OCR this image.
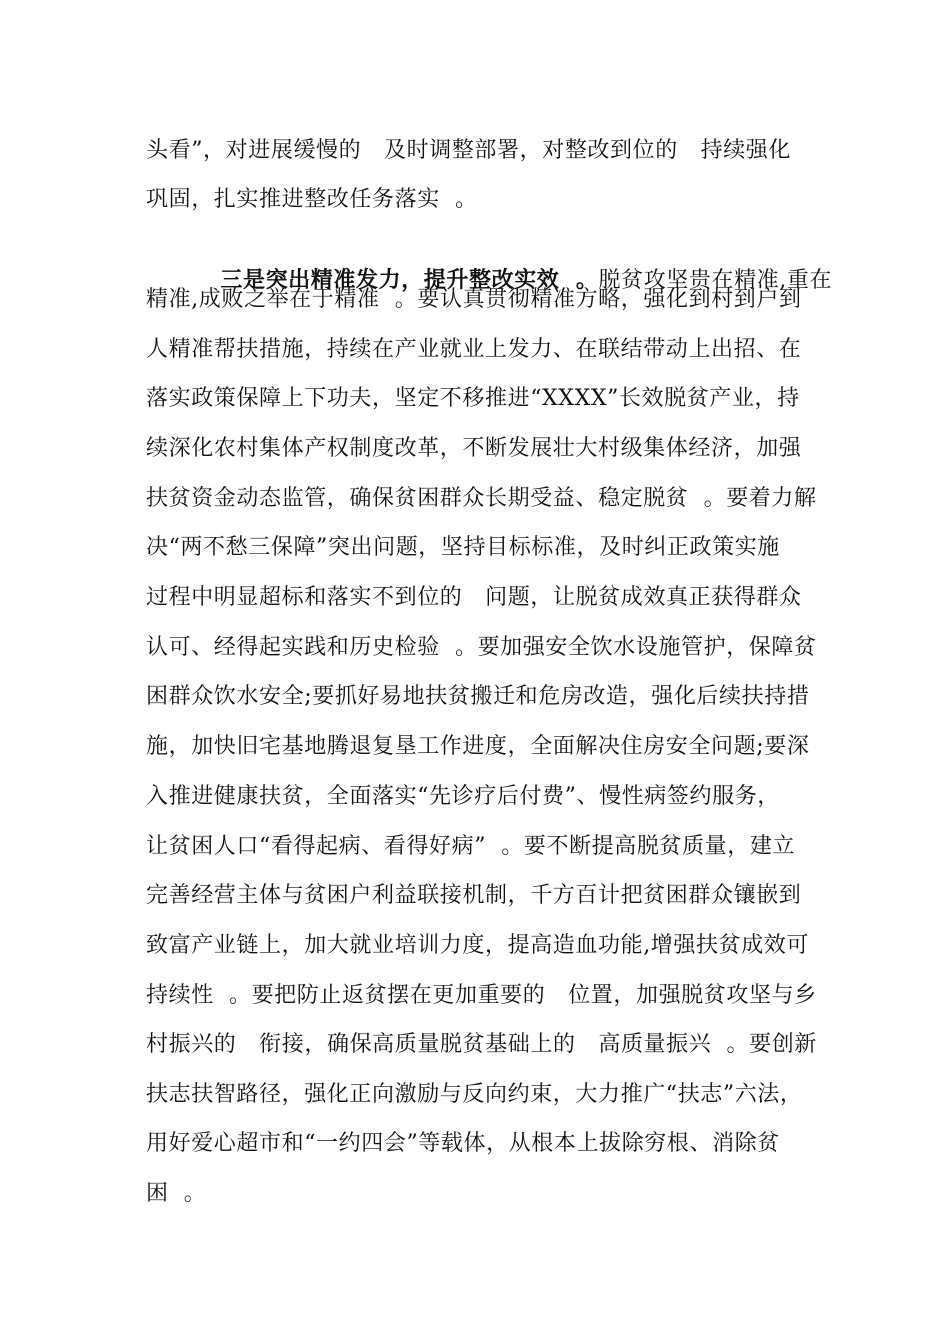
头看”，对进展缓慢的   及时调整部署，对整改到位的   持续强化
巩固，扎实推进整改任务落实  。

三是突出精准发力，提升整改实效  。脱贫攻坚贵在精准,重在

精准,成败之举在于精准  。要认真贯彻精准方略，强化到村到户到
人精准帮扶措施，持续在产业就业上发力、在联结带动上出招、在
落实政策保障上下功夫，坚定不移推进“XXXX”长效脱贫产业，持
续深化农村集体产权制度改革，不断发展壮大村级集体经济，加强
扶贫资金动态监管，确保贫困群众长期受益、稳定脱贫  。要着力解
决“两不愁三保障”突出问题，坚持目标标准，及时纠正政策实施
过程中明显超标和落实不到位的   问题，让脱贫成效真正获得群众
认可、经得起实践和历史检验  。要加强安全饮水设施管护，保障贫
困群众饮水安全;要抓好易地扶贫搬迁和危房改造，强化后续扶持措
施，加快旧宅基地腾退复垦工作进度，全面解决住房安全问题;要深
入推进健康扶贫，全面落实“先诊疗后付费”、慢性病签约服务，
让贫困人口“看得起病、看得好病”  。要不断提高脱贫质量，建立
完善经营主体与贫困户利益联接机制，千方百计把贫困群众镶嵌到
致富产业链上，加大就业培训力度，提高造血功能,增强扶贫成效可
持续性  。要把防止返贫摆在更加重要的   位置，加强脱贫攻坚与乡
村振兴的   衔接，确保高质量脱贫基础上的   高质量振兴  。要创新
扶志扶智路径，强化正向激励与反向约束，大力推广“扶志”六法，
用好爱心超市和“一约四会”等载体，从根本上拔除穷根、消除贫
困  。
